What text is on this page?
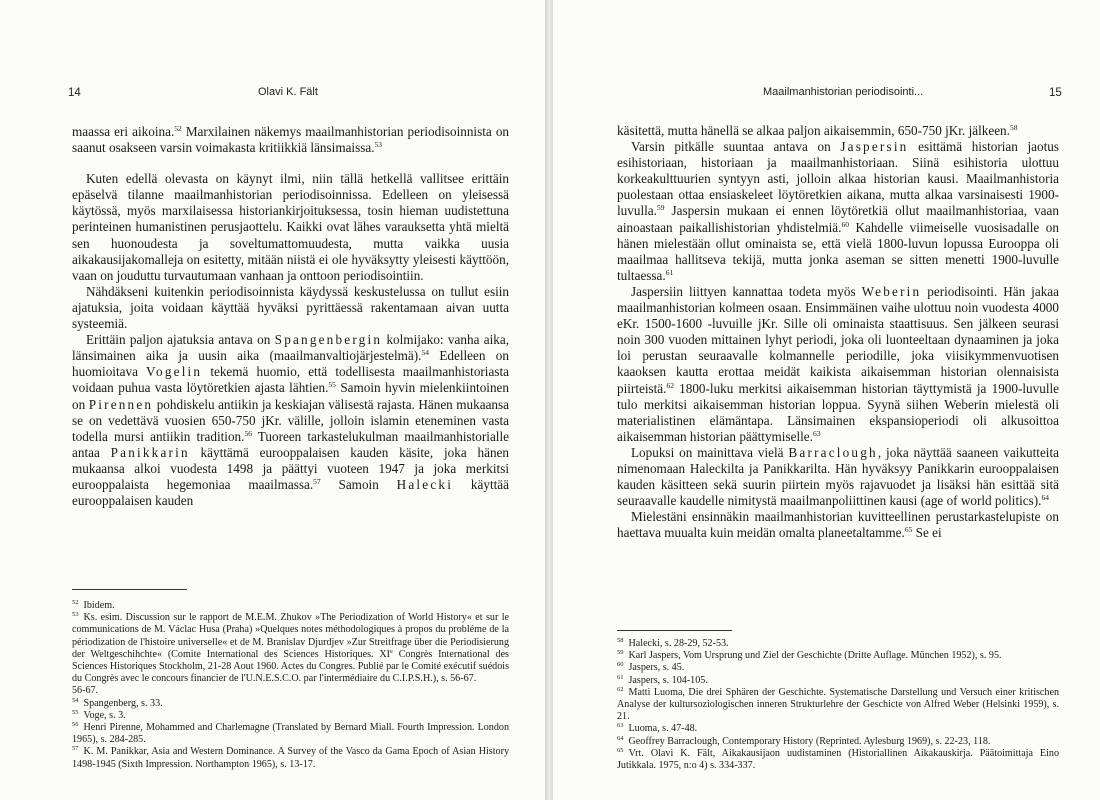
14	Olavi K. Fält

maassa eri aikoina.$^{52}$ Marxilainen näkemys maailmanhistorian periodisoinnista on saanut osakseen varsin voimakasta kritiikkiä länsimaissa.$^{53}$

Kuten edellä olevasta on käynyt ilmi, niin tällä hetkellä vallitsee erittäin epäselvä tilanne maailmanhistorian periodisoinnissa. Edelleen on yleisessä käytössä, myös marxilaisessa historiankirjoituksessa, tosin hieman uudistettuna perinteinen humanistinen perusjaottelu. Kaikki ovat lähes varauksetta yhtä mieltä sen huonoudesta ja soveltumattomuudesta, mutta vaikka uusia aikakausijakomalleja on esitetty, mitään niistä ei ole hyväksytty yleisesti käyttöön, vaan on jouduttu turvautumaan vanhaan ja onttoon periodisointiin.

Nähdäkseni kuitenkin periodisoinnista käydyssä keskustelussa on tullut esiin ajatuksia, joita voidaan käyttää hyväksi pyrittäessä rakentamaan aivan uutta systeemiä.

Erittäin paljon ajatuksia antava on Spangenbergin kolmijako: vanha aika, länsimainen aika ja uusin aika (maailmanvaltiojärjestelmä).$^{54}$ Edelleen on huomioitava Vogelin tekemä huomio, että todellisesta maailmanhistoriasta voidaan puhua vasta löytöretkien ajasta lähtien.$^{55}$ Samoin hyvin mielenkiintoinen on Pirennen pohdiskelu antiikin ja keskiajan välisestä rajasta. Hänen mukaansa se on vedettävä vuosien 650-750 jKr. välille, jolloin islamin eteneminen vasta todella mursi antiikin tradition.$^{56}$ Tuoreen tarkastelukulman maailmanhistorialle antaa Panikkarin käyttämä eurooppalaisen kauden käsite, joka hänen mukaansa alkoi vuodesta 1498 ja päättyi vuoteen 1947 ja joka merkitsi eurooppalaista hegemoniaa maailmassa.$^{57}$ Samoin Halecki käyttää eurooppalaisen kauden

$^{52}$ Ibidem.
$^{53}$ Ks. esim. Discussion sur le rapport de M.E.M. Zhukov »The Periodization of World History« et sur le communications de M. Václac Husa (Praha) »Quelques notes méthodologiques à propos du probléme de la périodization de l'histoire universelle« et de M. Branislav Djurdjev »Zur Streitfrage über die Periodisierung der Weltgeschihchte« (Comite International des Sciences Historiques. XIe Congrès International des Sciences Historiques Stockholm, 21-28 Aout 1960. Actes du Congres. Publié par le Comité exécutif suédois du Congrès avec le concours financier de l'U.N.E.S.C.O. par l'intermédiaire du C.I.P.S.H.), s. 56-67.
56-67.
$^{54}$ Spangenberg, s. 33.
$^{55}$ Voge, s. 3.
$^{56}$ Henri Pirenne, Mohammed and Charlemagne (Translated by Bernard Miall. Fourth Impression. London 1965), s. 284-285.
$^{57}$ K. M. Panikkar, Asia and Western Dominance. A Survey of the Vasco da Gama Epoch of Asian History 1498-1945 (Sixth Impression. Northampton 1965), s. 13-17.
Maailmanhistorian periodisointi...	15

käsitettä, mutta hänellä se alkaa paljon aikaisemmin, 650-750 jKr. jälkeen.$^{58}$

Varsin pitkälle suuntaa antava on Jaspersin esittämä historian jaotus esihistoriaan, historiaan ja maailmanhistoriaan. Siinä esihistoria ulottuu korkeakulttuurien syntyyn asti, jolloin alkaa historian kausi. Maailmanhistoria puolestaan ottaa ensiaskeleet löytöretkien aikana, mutta alkaa varsinaisesti 1900-luvulla.$^{59}$ Jaspersin mukaan ei ennen löytöretkiä ollut maailmanhistoriaa, vaan ainoastaan paikallishistorian yhdistelmiä.$^{60}$ Kahdelle viimeiselle vuosisadalle on hänen mielestään ollut ominaista se, että vielä 1800-luvun lopussa Eurooppa oli maailmaa hallitseva tekijä, mutta jonka aseman se sitten menetti 1900-luvulle tultaessa.$^{61}$

Jaspersiin liittyen kannattaa todeta myös Weberin periodisointi. Hän jakaa maailmanhistorian kolmeen osaan. Ensimmäinen vaihe ulottuu noin vuodesta 4000 eKr. 1500-1600 -luvuille jKr. Sille oli ominaista staattisuus. Sen jälkeen seurasi noin 300 vuoden mittainen lyhyt periodi, joka oli luonteeltaan dynaaminen ja joka loi perustan seuraavalle kolmannelle periodille, joka viisikymmenvuotisen kaaoksen kautta erottaa meidät kaikista aikaisemman historian olennaisista piirteistä.$^{62}$ 1800-luku merkitsi aikaisemman historian täyttymistä ja 1900-luvulle tulo merkitsi aikaisemman historian loppua. Syynä siihen Weberin mielestä oli materialistinen elämäntapa. Länsimainen ekspansioperiodi oli alkusoittoa aikaisemman historian päättymiselle.$^{63}$

Lopuksi on mainittava vielä Barraclough, joka näyttää saaneen vaikutteita nimenomaan Haleckilta ja Panikkarilta. Hän hyväksyy Panikkarin eurooppalaisen kauden käsitteen sekä suurin piirtein myös rajavuodet ja lisäksi hän esittää sitä seuraavalle kaudelle nimitystä maailmanpoliittinen kausi (age of world politics).$^{64}$

Mielestäni ensinnäkin maailmanhistorian kuvitteellinen perustarkastelupiste on haettava muualta kuin meidän omalta planeetaltamme.$^{65}$ Se ei

$^{58}$ Halecki, s. 28-29, 52-53.
$^{59}$ Karl Jaspers, Vom Ursprung und Ziel der Geschichte (Dritte Auflage. München 1952), s. 95.
$^{60}$ Jaspers, s. 45.
$^{61}$ Jaspers, s. 104-105.
$^{62}$ Matti Luoma, Die drei Sphären der Geschichte. Systematische Darstellung und Versuch einer kritischen Analyse der kultursoziologischen inneren Strukturlehre der Geschicte von Alfred Weber (Helsinki 1959), s. 21.
$^{63}$ Luoma, s. 47-48.
$^{64}$ Geoffrey Barraclough, Contemporary History (Reprinted. Aylesburg 1969), s. 22-23, 118.
$^{65}$ Vrt. Olavi K. Fält, Aikakausijaon uudistaminen (Historiallinen Aikakauskirja. Päätoimittaja Eino Jutikkala. 1975, n:o 4) s. 334-337.
